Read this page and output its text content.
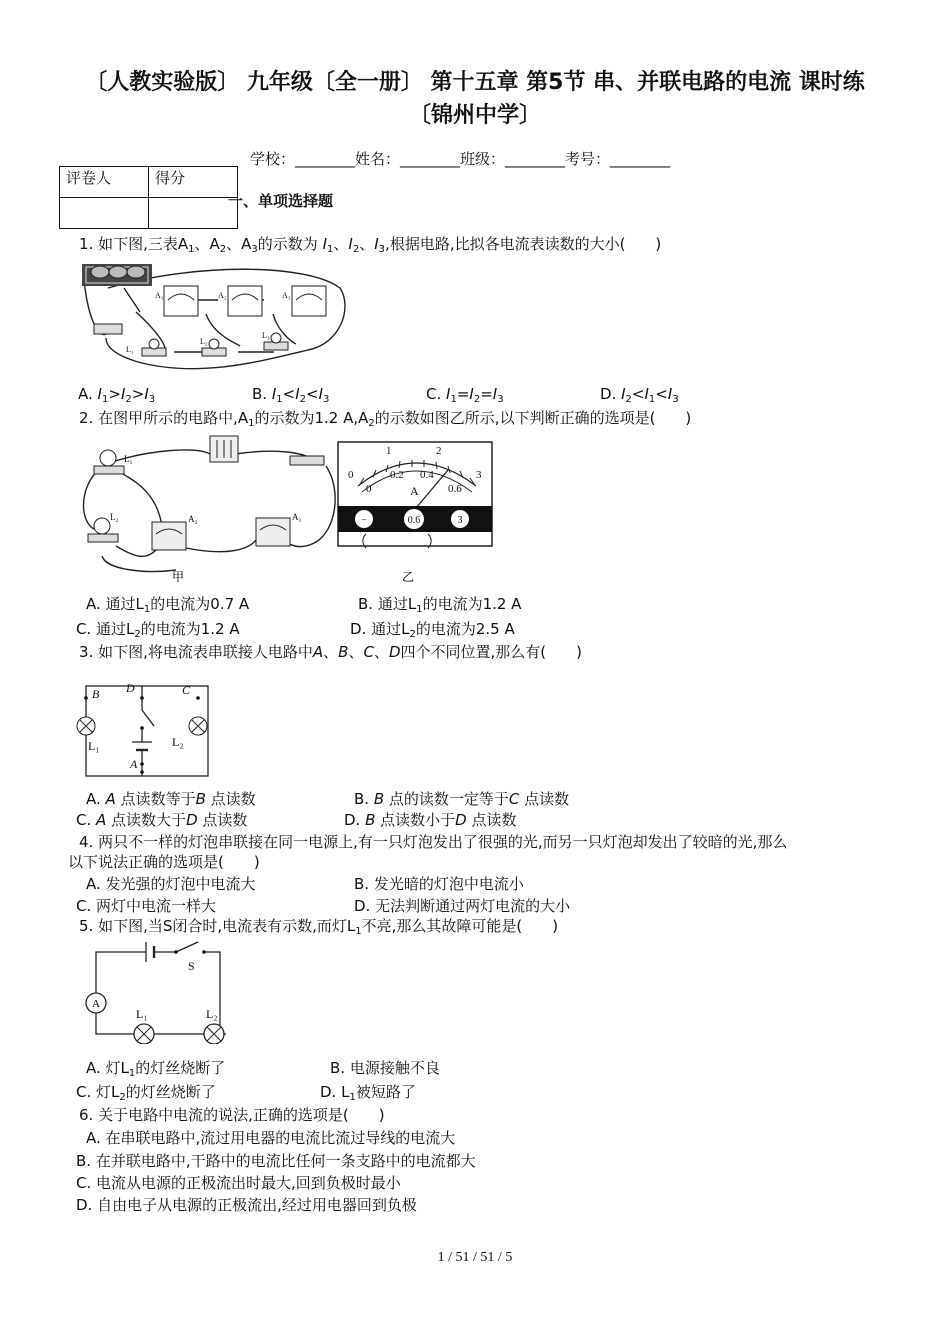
〔人教实验版〕 九年级〔全一册〕 第十五章 第5节 串、并联电路的电流 课时练 〔锦州中学〕
学校：________姓名：________班级：________考号：________
评卷人	得分

一、单项选择题
1. 如下图,三表$A_1$、$A_2$、$A_3$的示数为 $I_1$、$I_2$、$I_3$,根据电路,比拟各电流表读数的大小(　　)
A₁	A₂	A₃
L₁
L₂
L₃
A. $I_1>I_2>I_3$	B. $I_1<I_2<I_3$	C. $I_1=I_2=I_3$	D. $I_2<I_1<I_3$
2. 在图甲所示的电路中$,A_1$的示数为1.2 $A,A_2$的示数如图乙所示,以下判断正确的选项是(　　)
L₁
L₂	A₂	A₁
甲
0
1	2
3
0
0.2 0.4
0.6
A
−	0.6	3
乙
A. 通过$L_1$的电流为0.7 A	B. 通过$L_1$的电流为1.2 A
C. 通过$L_2$的电流为1.2 A	D. 通过$L_2$的电流为2.5 A
3. 如下图,将电流表串联接人电路中A、B、C、D四个不同位置,那么有(　　)
B D	C
A
L₁	L₂
A. A 点读数等于B 点读数	B. B 点的读数一定等于C 点读数
C. A 点读数大于D 点读数	D. B 点读数小于D 点读数
4. 两只不一样的灯泡串联接在同一电源上,有一只灯泡发出了很强的光,而另一只灯泡却发出了较暗的光,那么
以下说法正确的选项是(　　)
A. 发光强的灯泡中电流大	B. 发光暗的灯泡中电流小
C. 两灯中电流一样大	D. 无法判断通过两灯电流的大小
5. 如下图,当S闭合时,电流表有示数,而灯$L_1$不亮,那么其故障可能是(　　)
A
S
L₁	L₂
A. 灯$L_1$的灯丝烧断了	B. 电源接触不良
C. 灯$L_2$的灯丝烧断了	D. $L_1$被短路了
6. 关于电路中电流的说法,正确的选项是(　　)
A. 在串联电路中,流过用电器的电流比流过导线的电流大
B. 在并联电路中,干路中的电流比任何一条支路中的电流都大
C. 电流从电源的正极流出时最大,回到负极时最小
D. 自由电子从电源的正极流出,经过用电器回到负极
1 / 51 / 51 / 5
